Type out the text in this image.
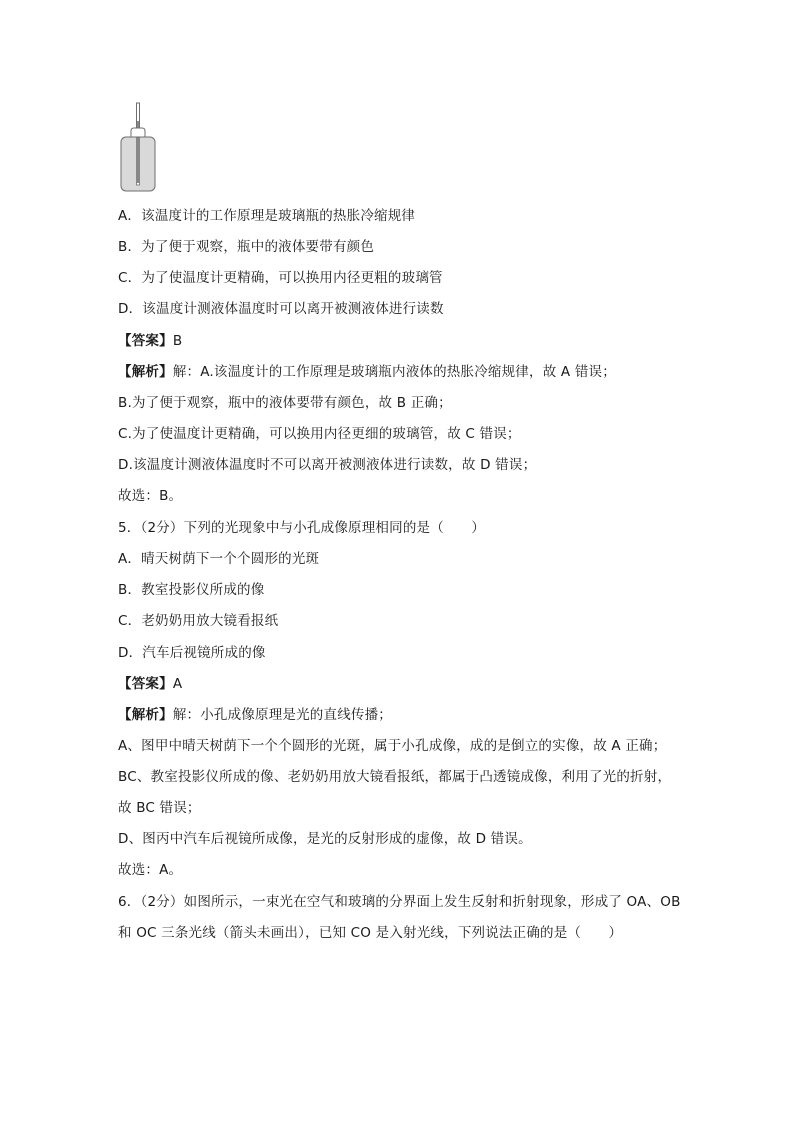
A．该温度计的工作原理是玻璃瓶的热胀冷缩规律
B．为了便于观察，瓶中的液体要带有颜色
C．为了使温度计更精确，可以换用内径更粗的玻璃管
D．该温度计测液体温度时可以离开被测液体进行读数
【答案】B
【解析】解：A.该温度计的工作原理是玻璃瓶内液体的热胀冷缩规律，故 A 错误；
B.为了便于观察，瓶中的液体要带有颜色，故 B 正确；
C.为了使温度计更精确，可以换用内径更细的玻璃管，故 C 错误；
D.该温度计测液体温度时不可以离开被测液体进行读数，故 D 错误；
故选：B。
5．（2分）下列的光现象中与小孔成像原理相同的是（　　）
A．晴天树荫下一个个圆形的光斑
B．教室投影仪所成的像
C．老奶奶用放大镜看报纸
D．汽车后视镜所成的像
【答案】A
【解析】解：小孔成像原理是光的直线传播；
A、图甲中晴天树荫下一个个圆形的光斑，属于小孔成像，成的是倒立的实像，故 A 正确；
BC、教室投影仪所成的像、老奶奶用放大镜看报纸，都属于凸透镜成像，利用了光的折射，
故 BC 错误；
D、图丙中汽车后视镜所成像，是光的反射形成的虚像，故 D 错误。
故选：A。
6．（2分）如图所示，一束光在空气和玻璃的分界面上发生反射和折射现象，形成了 OA、OB
和 OC 三条光线（箭头未画出），已知 CO 是入射光线，下列说法正确的是（　　）
